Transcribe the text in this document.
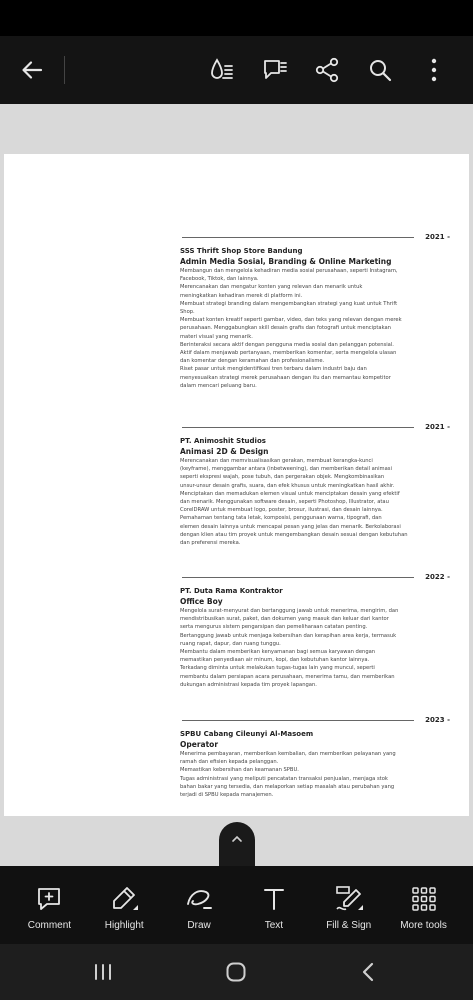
2021 -
SSS Thrift Shop Store Bandung
Admin Media Sosial, Branding & Online Marketing
Membangun dan mengelola kehadiran media sosial perusahaan, seperti Instagram,
Facebook, Tiktok, dan lainnya.
Merencanakan dan mengatur konten yang relevan dan menarik untuk
meningkatkan kehadiran merek di platform ini.
Membuat strategi branding dalam mengembangkan strategi yang kuat untuk Thrift
Shop.
Membuat konten kreatif seperti gambar, video, dan teks yang relevan dengan merek
perusahaan. Menggabungkan skill desain grafis dan fotografi untuk menciptakan
materi visual yang menarik.
Berinteraksi secara aktif dengan pengguna media sosial dan pelanggan potensial.
Aktif dalam menjawab pertanyaan, memberikan komentar, serta mengelola ulasan
dan komentar dengan keramahan dan profesionalisme.
Riset pasar untuk mengidentifikasi tren terbaru dalam industri baju dan
menyesuaikan strategi merek perusahaan dengan itu dan memantau kompetitor
dalam mencari peluang baru.
2021 -
PT. Animoshit Studios
Animasi 2D & Design
Merencanakan dan memvisualisasikan gerakan, membuat kerangka-kunci
(keyframe), menggambar antara (inbetweening), dan memberikan detail animasi
seperti ekspresi wajah, pose tubuh, dan pergerakan objek. Mengkombinasikan
unsur-unsur desain grafis, suara, dan efek khusus untuk meningkatkan hasil akhir.
Menciptakan dan memadukan elemen visual untuk menciptakan desain yang efektif
dan menarik. Menggunakan software desain, seperti Photoshop, Illustrator, atau
CorelDRAW untuk membuat logo, poster, brosur, ilustrasi, dan desain lainnya.
Pemahaman tentang tata letak, komposisi, penggunaan warna, tipografi, dan
elemen desain lainnya untuk mencapai pesan yang jelas dan menarik. Berkolaborasi
dengan klien atau tim proyek untuk mengembangkan desain sesuai dengan kebutuhan
dan preferensi mereka.
2022 -
PT. Duta Rama Kontraktor
Office Boy
Mengelola surat-menyurat dan bertanggung jawab untuk menerima, mengirim, dan
mendistribusikan surat, paket, dan dokumen yang masuk dan keluar dari kantor
serta mengurus sistem pengarsipan dan pemeliharaan catatan penting.
Bertanggung jawab untuk menjaga kebersihan dan kerapihan area kerja, termasuk
ruang rapat, dapur, dan ruang tunggu.
Membantu dalam memberikan kenyamanan bagi semua karyawan dengan
memastikan penyediaan air minum, kopi, dan kebutuhan kantor lainnya.
Terkadang diminta untuk melakukan tugas-tugas lain yang muncul, seperti
membantu dalam persiapan acara perusahaan, menerima tamu, dan memberikan
dukungan administrasi kepada tim proyek lapangan.
2023 -
SPBU Cabang Cileunyi Al-Masoem
Operator
Menerima pembayaran, memberikan kembalian, dan memberikan pelayanan yang
ramah dan efisien kepada pelanggan.
Memastikan kebersihan dan keamanan SPBU.
Tugas administrasi yang meliputi pencatatan transaksi penjualan, menjaga stok
bahan bakar yang tersedia, dan melaporkan setiap masalah atau perubahan yang
terjadi di SPBU kepada manajemen.
Comment	Highlight	Draw	Text	Fill & Sign	More tools
